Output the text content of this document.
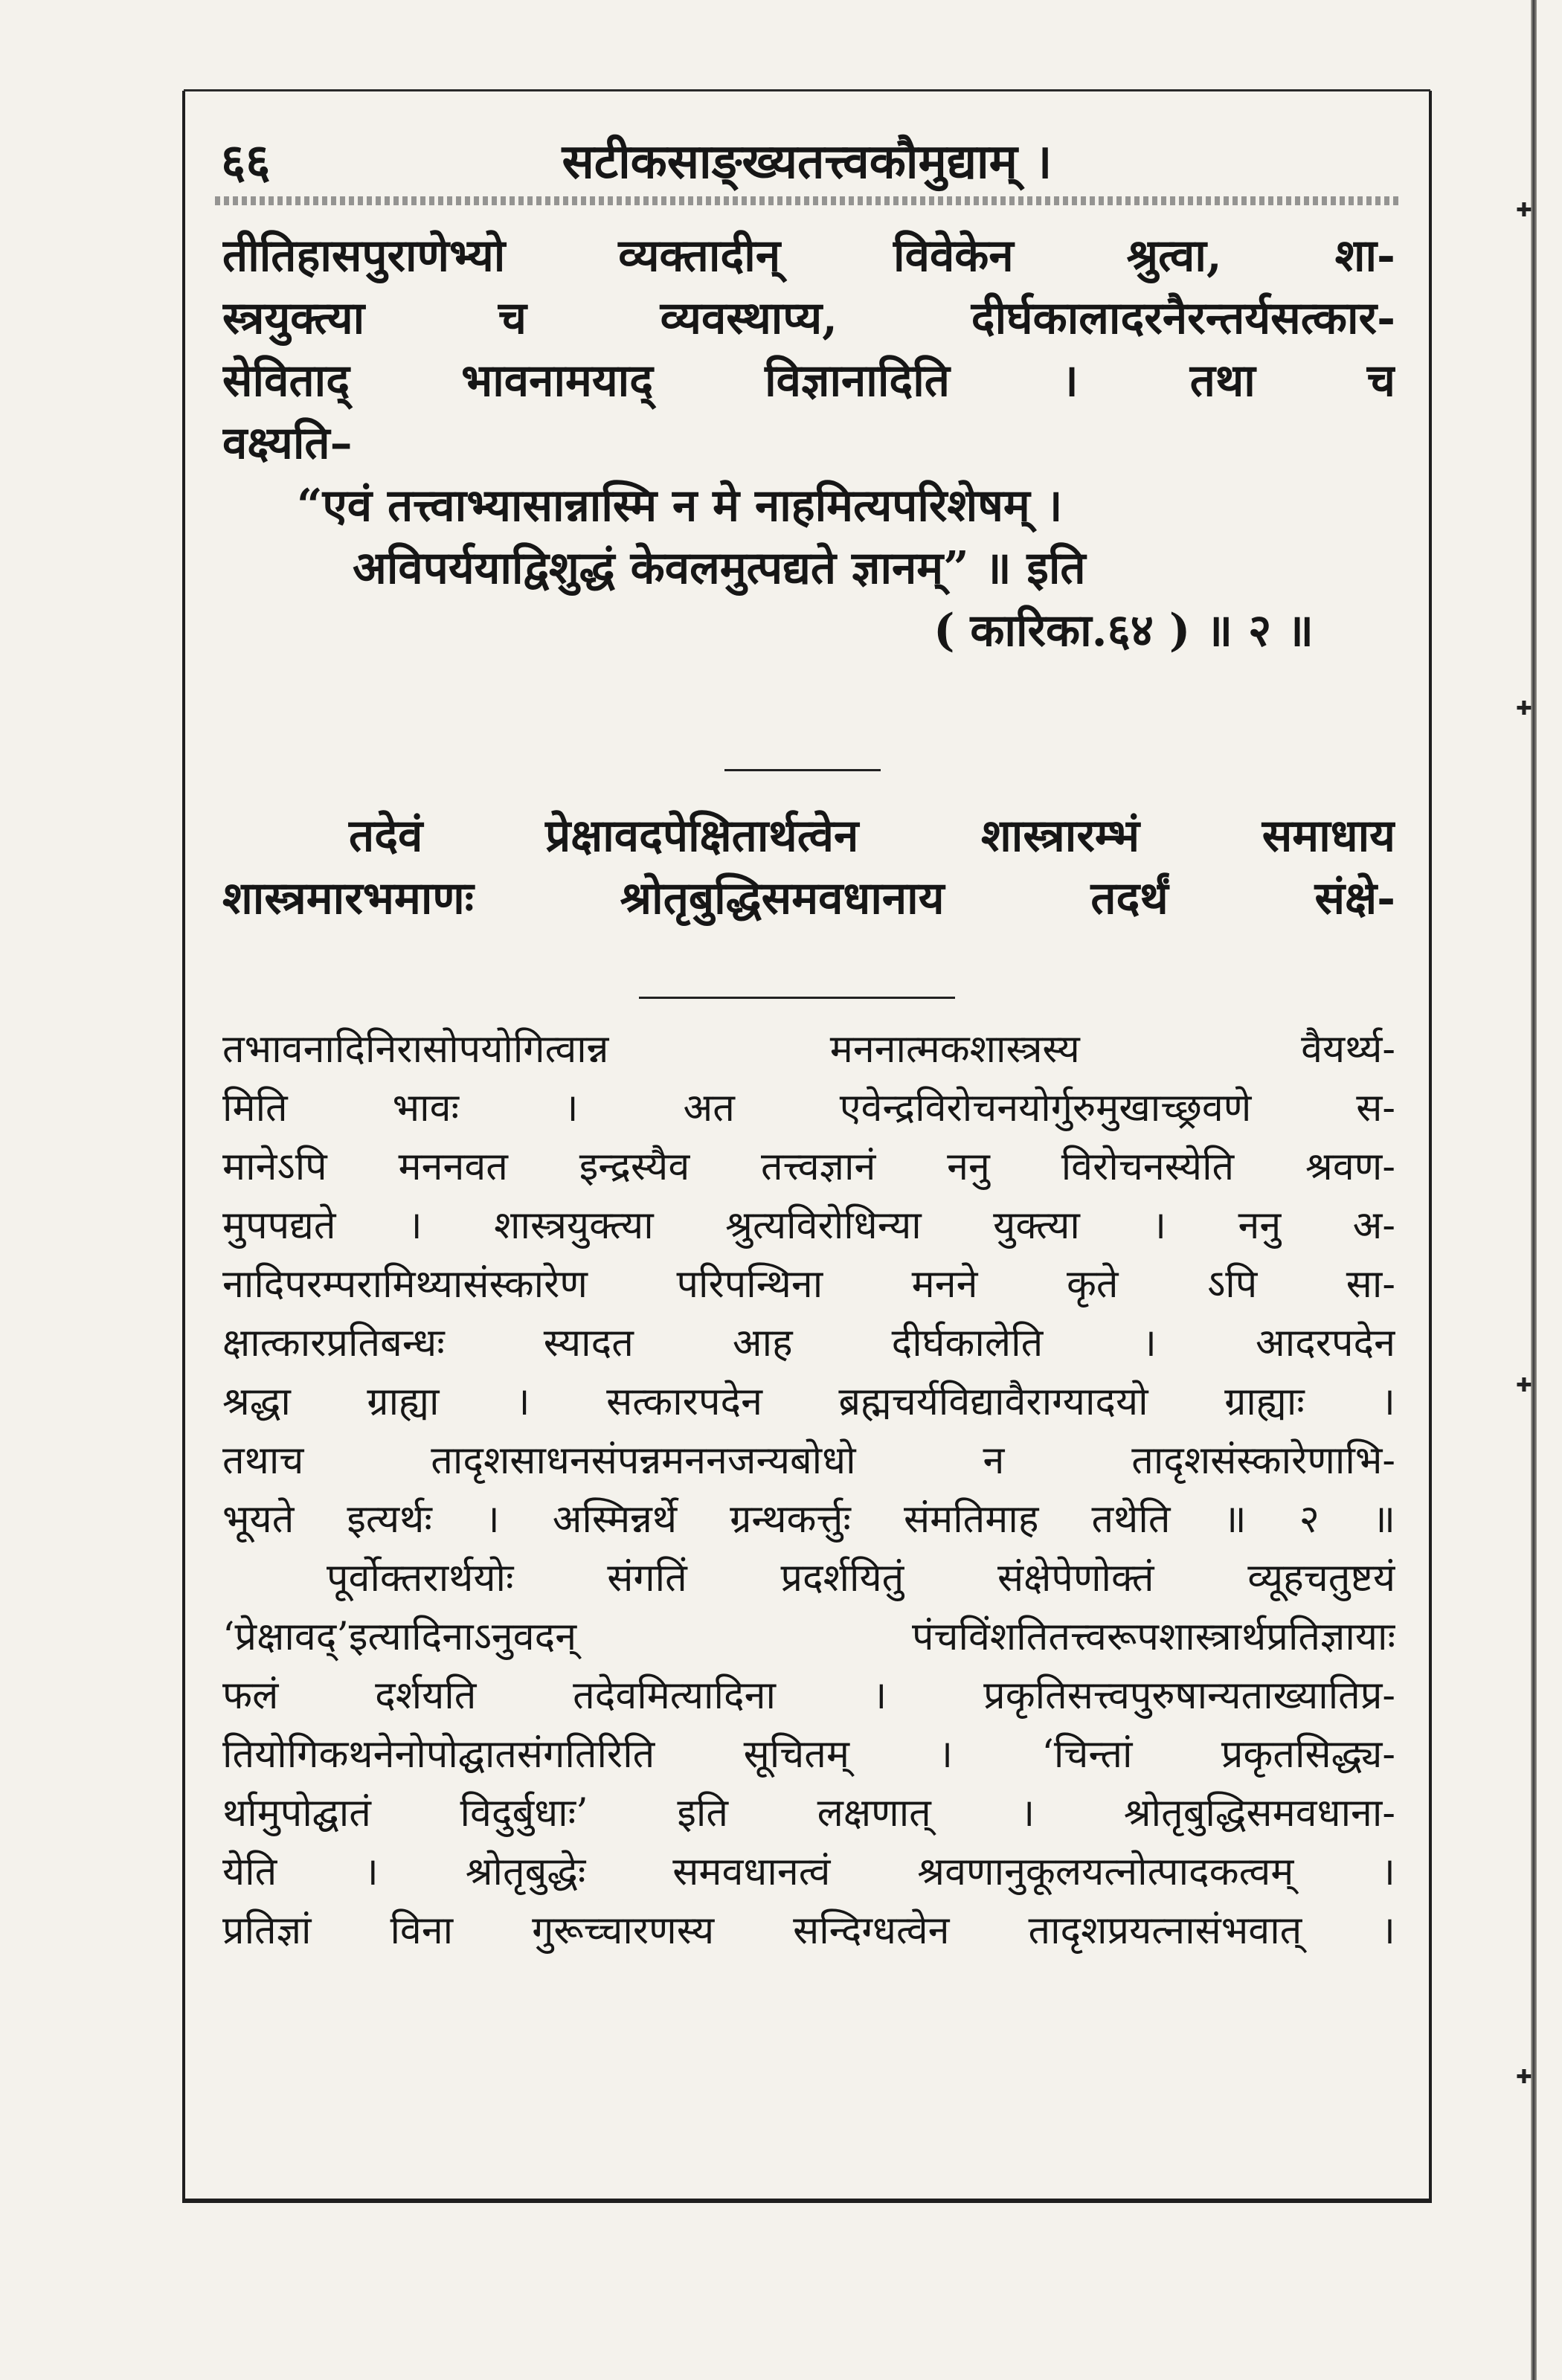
✚
✚
✚
✚
६६	सटीकसाङ्ख्यतत्त्वकौमुद्याम् ।
तीतिहासपुराणेभ्यो	व्यक्तादीन्	विवेकेन	श्रुत्वा,	शा-
स्त्रयुक्त्या	च	व्यवस्थाप्य,	दीर्घकालादरनैरन्तर्यसत्कार-
सेविताद्	भावनामयाद्	विज्ञानादिति	।	तथा	च
वक्ष्यति–
“एवं तत्त्वाभ्यासान्नास्मि न मे नाहमित्यपरिशेषम् ।
अविपर्ययाद्विशुद्धं केवलमुत्पद्यते ज्ञानम्” ॥ इति
( कारिका.६४ ) ॥ २ ॥
तदेवं	प्रेक्षावदपेक्षितार्थत्वेन	शास्त्रारम्भं	समाधाय
शास्त्रमारभमाणः	श्रोतृबुद्धिसमवधानाय	तदर्थं	संक्षे-
तभावनादिनिरासोपयोगित्वान्न	मननात्मकशास्त्रस्य	वैयर्थ्य-
मिति	भावः	।	अत	एवेन्द्रविरोचनयोर्गुरुमुखाच्छ्रवणे	स-
मानेऽपि मननवत इन्द्रस्यैव तत्त्वज्ञानं ननु विरोचनस्येति श्रवण-
मुपपद्यते । शास्त्रयुक्त्या श्रुत्यविरोधिन्या युक्त्या । ननु अ-
नादिपरम्परामिथ्यासंस्कारेण परिपन्थिना मनने कृते ऽपि सा-
क्षात्कारप्रतिबन्धः	स्यादत	आह	दीर्घकालेति	।	आदरपदेन
श्रद्धा ग्राह्या । सत्कारपदेन ब्रह्मचर्यविद्यावैराग्यादयो ग्राह्याः ।
तथाच	तादृशसाधनसंपन्नमननजन्यबोधो	न	तादृशसंस्कारेणाभि-
भूयते इत्यर्थः । अस्मिन्नर्थे ग्रन्थकर्त्तुः संमतिमाह तथेति ॥ २ ॥
पूर्वोक्तरार्थयोः संगतिं प्रदर्शयितुं संक्षेपेणोक्तं व्यूहचतुष्टयं
‘प्रेक्षावद्’इत्यादिनाऽनुवदन्	पंचविंशतितत्त्वरूपशास्त्रार्थप्रतिज्ञायाः
फलं दर्शयति तदेवमित्यादिना । प्रकृतिसत्त्वपुरुषान्यताख्यातिप्र-
तियोगिकथनेनोपोद्घातसंगतिरिति सूचितम् । ‘चिन्तां प्रकृतसिद्ध्य-
र्थामुपोद्घातं विदुर्बुधाः’ इति लक्षणात् । श्रोतृबुद्धिसमवधाना-
येति । श्रोतृबुद्धेः समवधानत्वं श्रवणानुकूलयत्नोत्पादकत्वम् ।
प्रतिज्ञां विना गुरूच्चारणस्य सन्दिग्धत्वेन तादृशप्रयत्नासंभवात् ।
